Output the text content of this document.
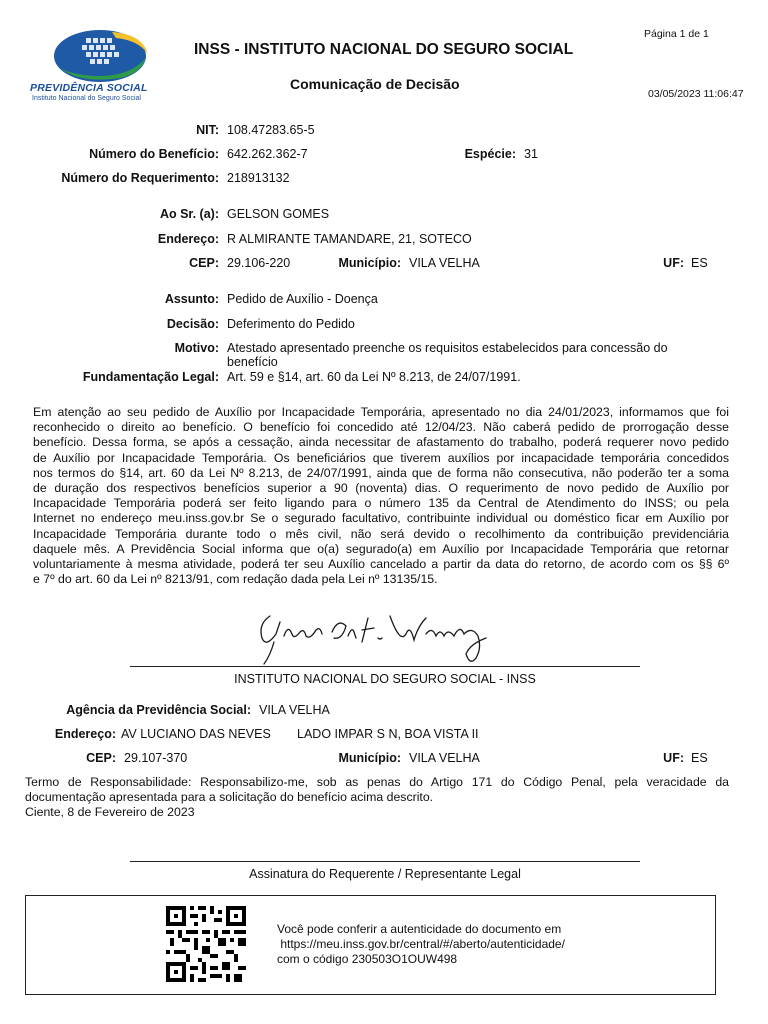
PREVIDÊNCIA SOCIAL
Instituto Nacional do Seguro Social
INSS - INSTITUTO NACIONAL DO SEGURO SOCIAL
Comunicação de Decisão
Página 1 de 1
03/05/2023 11:06:47
NIT: 108.47283.65-5
Número do Benefício: 642.262.362-7	Espécie: 31
Número do Requerimento: 218913132
Ao Sr. (a): GELSON GOMES
Endereço: R ALMIRANTE TAMANDARE, 21, SOTECO
CEP: 29.106-220	Município: VILA VELHA	UF: ES
Assunto: Pedido de Auxílio - Doença
Decisão: Deferimento do Pedido
Motivo: Atestado apresentado preenche os requisitos estabelecidos para concessão do
benefício
Fundamentação Legal: Art. 59 e §14, art. 60 da Lei Nº 8.213, de 24/07/1991.
Em atenção ao seu pedido de Auxílio por Incapacidade Temporária, apresentado no dia 24/01/2023, informamos que foi
reconhecido o direito ao benefício. O benefício foi concedido até 12/04/23. Não caberá pedido de prorrogação desse
benefício. Dessa forma, se após a cessação, ainda necessitar de afastamento do trabalho, poderá requerer novo pedido
de Auxílio por Incapacidade Temporária. Os beneficiários que tiverem auxílios por incapacidade temporária concedidos
nos termos do §14, art. 60 da Lei Nº 8.213, de 24/07/1991, ainda que de forma não consecutiva, não poderão ter a soma
de duração dos respectivos benefícios superior a 90 (noventa) dias. O requerimento de novo pedido de Auxílio por
Incapacidade Temporária poderá ser feito ligando para o número 135 da Central de Atendimento do INSS; ou pela
Internet no endereço meu.inss.gov.br Se o segurado facultativo, contribuinte individual ou doméstico ficar em Auxílio por
Incapacidade Temporária durante todo o mês civil, não será devido o recolhimento da contribuição previdenciária
daquele mês. A Previdência Social informa que o(a) segurado(a) em Auxílio por Incapacidade Temporária que retornar
voluntariamente à mesma atividade, poderá ter seu Auxílio cancelado a partir da data do retorno, de acordo com os §§ 6º
e 7º do art. 60 da Lei nº 8213/91, com redação dada pela Lei nº 13135/15.
INSTITUTO NACIONAL DO SEGURO SOCIAL - INSS
Agência da Previdência Social: VILA VELHA
Endereço: AV LUCIANO DAS NEVES LADO IMPAR S N, BOA VISTA II
CEP: 29.107-370	Município: VILA VELHA	UF: ES
Termo de Responsabilidade: Responsabilizo-me, sob as penas do Artigo 171 do Código Penal, pela veracidade da
documentação apresentada para a solicitação do benefício acima descrito.
Ciente, 8 de Fevereiro de 2023
Assinatura do Requerente / Representante Legal
Você pode conferir a autenticidade do documento em
https://meu.inss.gov.br/central/#/aberto/autenticidade/
com o código 230503O1OUW498
